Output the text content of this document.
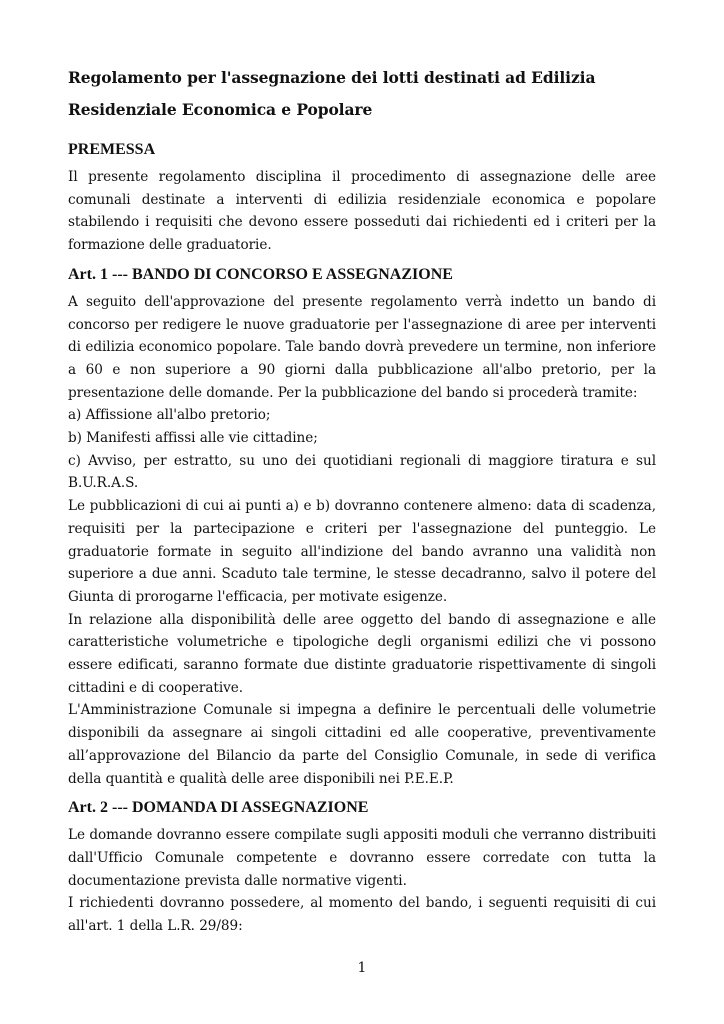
Regolamento per l'assegnazione dei lotti destinati ad Edilizia Residenziale Economica e Popolare
PREMESSA

Il presente regolamento disciplina il procedimento di assegnazione delle aree comunali destinate a interventi di edilizia residenziale economica e popolare stabilendo i requisiti che devono essere posseduti dai richiedenti ed i criteri per la formazione delle graduatorie.

Art. 1 --- BANDO DI CONCORSO E ASSEGNAZIONE

A seguito dell'approvazione del presente regolamento verrà indetto un bando di concorso per redigere le nuove graduatorie per l'assegnazione di aree per interventi di edilizia economico popolare. Tale bando dovrà prevedere un termine, non inferiore a 60 e non superiore a 90 giorni dalla pubblicazione all'albo pretorio, per la presentazione delle domande. Per la pubblicazione del bando si procederà tramite:

a) Affissione all'albo pretorio;

b) Manifesti affissi alle vie cittadine;

c) Avviso, per estratto, su uno dei quotidiani regionali di maggiore tiratura e sul B.U.R.A.S.

Le pubblicazioni di cui ai punti a) e b) dovranno contenere almeno: data di scadenza, requisiti per la partecipazione e criteri per l'assegnazione del punteggio. Le graduatorie formate in seguito all'indizione del bando avranno una validità non superiore a due anni. Scaduto tale termine, le stesse decadranno, salvo il potere del Giunta di prorogarne l'efficacia, per motivate esigenze.

In relazione alla disponibilità delle aree oggetto del bando di assegnazione e alle caratteristiche volumetriche e tipologiche degli organismi edilizi che vi possono essere edificati, saranno formate due distinte graduatorie rispettivamente di singoli cittadini e di cooperative.

L'Amministrazione Comunale si impegna a definire le percentuali delle volumetrie disponibili da assegnare ai singoli cittadini ed alle cooperative, preventivamente all’approvazione del Bilancio da parte del Consiglio Comunale, in sede di verifica della quantità e qualità delle aree disponibili nei P.E.E.P.

Art. 2 --- DOMANDA DI ASSEGNAZIONE

Le domande dovranno essere compilate sugli appositi moduli che verranno distribuiti dall'Ufficio Comunale competente e dovranno essere corredate con tutta la documentazione prevista dalle normative vigenti.

I richiedenti dovranno possedere, al momento del bando, i seguenti requisiti di cui all'art. 1 della L.R. 29/89:

1
